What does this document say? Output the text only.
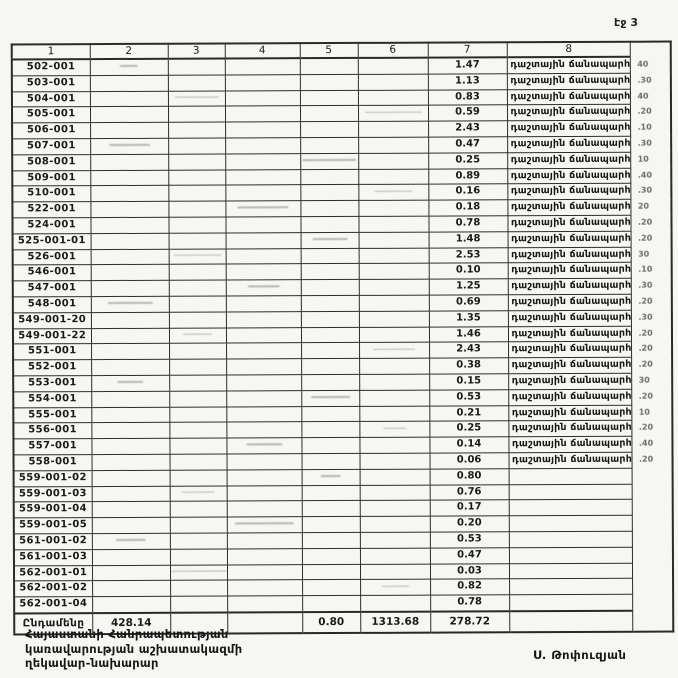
էջ 3
1	2	3	4	5	6	7	8	
502-001						1.47	դաշտային ճանապարհ	40
503-001						1.13	դաշտային ճանապարհ	.30
504-001						0.83	դաշտային ճանապարհ	40
505-001						0.59	դաշտային ճանապարհ	.20
506-001						2.43	դաշտային ճանապարհ	.10
507-001						0.47	դաշտային ճանապարհ	.30
508-001						0.25	դաշտային ճանապարհ	10
509-001						0.89	դաշտային ճանապարհ	.40
510-001						0.16	դաշտային ճանապարհ	.30
522-001						0.18	դաշտային ճանապարհ	20
524-001						0.78	դաշտային ճանապարհ	.20
525-001-01						1.48	դաշտային ճանապարհ	.20
526-001						2.53	դաշտային ճանապարհ	30
546-001						0.10	դաշտային ճանապարհ	.10
547-001						1.25	դաշտային ճանապարհ	.30
548-001						0.69	դաշտային ճանապարհ	.20
549-001-20						1.35	դաշտային ճանապարհ	.30
549-001-22						1.46	դաշտային ճանապարհ	.20
551-001						2.43	դաշտային ճանապարհ	.20
552-001						0.38	դաշտային ճանապարհ	.20
553-001						0.15	դաշտային ճանապարհ	30
554-001						0.53	դաշտային ճանապարհ	.20
555-001						0.21	դաշտային ճանապարհ	10
556-001						0.25	դաշտային ճանապարհ	.20
557-001						0.14	դաշտային ճանապարհ	.40
558-001						0.06	դաշտային ճանապարհ	.20
559-001-02						0.80		
559-001-03						0.76		
559-001-04						0.17		
559-001-05						0.20		
561-001-02						0.53		
561-001-03						0.47		
562-001-01						0.03		
562-001-02						0.82		
562-001-04						0.78		
Ընդամենը	428.14			0.80	1313.68	278.72		
Հայաստանի Հանրապետության
կառավարության աշխատակազմի
ղեկավար-նախարար
Ս. Թոփուզյան
